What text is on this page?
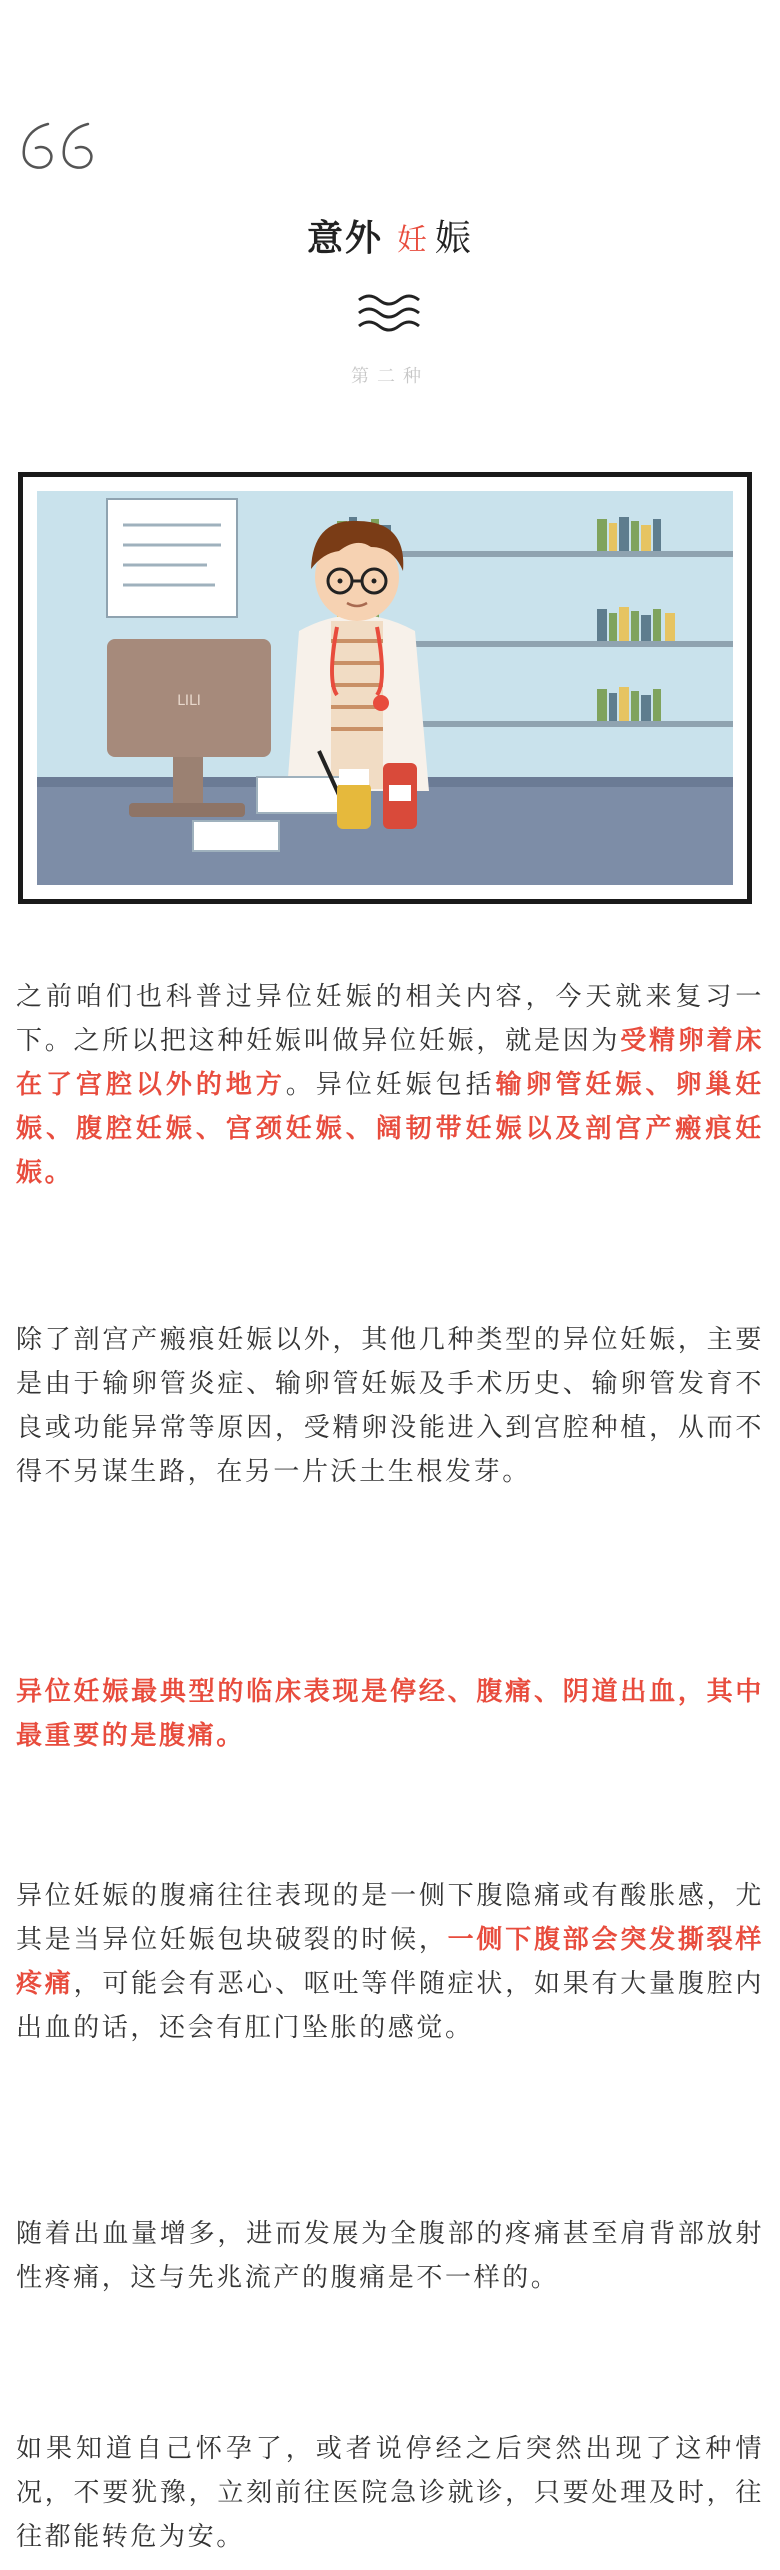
意外 妊 娠
第二种
LILI

之前咱们也科普过异位妊娠的相关内容，今天就来复习一下。之所以把这种妊娠叫做异位妊娠，就是因为受精卵着床在了宫腔以外的地方。异位妊娠包括输卵管妊娠、卵巢妊娠、腹腔妊娠、宫颈妊娠、阔韧带妊娠以及剖宫产瘢痕妊娠。

除了剖宫产瘢痕妊娠以外，其他几种类型的异位妊娠，主要是由于输卵管炎症、输卵管妊娠及手术历史、输卵管发育不良或功能异常等原因，受精卵没能进入到宫腔种植，从而不得不另谋生路，在另一片沃土生根发芽。

异位妊娠最典型的临床表现是停经、腹痛、阴道出血，其中最重要的是腹痛。

异位妊娠的腹痛往往表现的是一侧下腹隐痛或有酸胀感，尤其是当异位妊娠包块破裂的时候，一侧下腹部会突发撕裂样疼痛，可能会有恶心、呕吐等伴随症状，如果有大量腹腔内出血的话，还会有肛门坠胀的感觉。

随着出血量增多，进而发展为全腹部的疼痛甚至肩背部放射性疼痛，这与先兆流产的腹痛是不一样的。

如果知道自己怀孕了，或者说停经之后突然出现了这种情况，不要犹豫，立刻前往医院急诊就诊，只要处理及时，往往都能转危为安。
